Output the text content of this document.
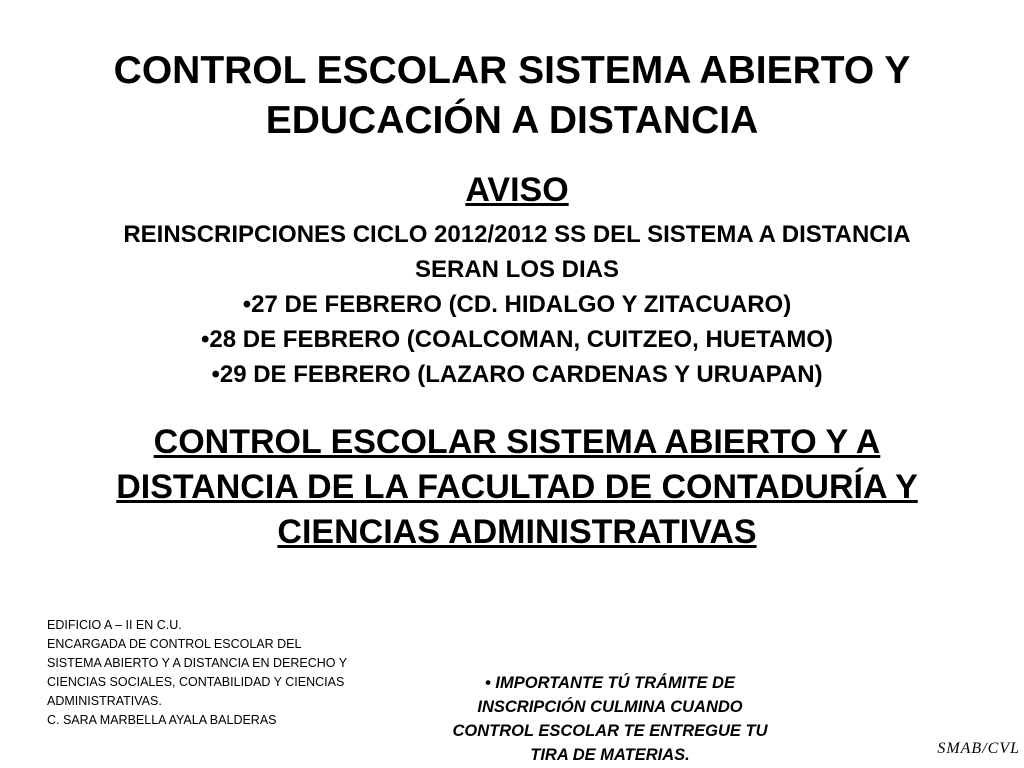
CONTROL ESCOLAR SISTEMA ABIERTO Y
EDUCACIÓN A DISTANCIA
AVISO
REINSCRIPCIONES CICLO 2012/2012 SS DEL SISTEMA A DISTANCIA
SERAN LOS DIAS
•27 DE FEBRERO (CD. HIDALGO Y ZITACUARO)
•28 DE FEBRERO (COALCOMAN, CUITZEO, HUETAMO)
•29 DE FEBRERO (LAZARO CARDENAS Y URUAPAN)
CONTROL ESCOLAR SISTEMA ABIERTO Y A
DISTANCIA DE LA FACULTAD DE CONTADURÍA Y
CIENCIAS ADMINISTRATIVAS
EDIFICIO A – II EN C.U.
ENCARGADA DE CONTROL ESCOLAR DEL
SISTEMA ABIERTO Y A DISTANCIA EN DERECHO Y
CIENCIAS SOCIALES, CONTABILIDAD Y CIENCIAS
ADMINISTRATIVAS.
C. SARA MARBELLA AYALA BALDERAS
• IMPORTANTE TÚ TRÁMITE DE
INSCRIPCIÓN CULMINA CUANDO
CONTROL ESCOLAR TE ENTREGUE TU
TIRA DE MATERIAS.	SMAB/CVL
